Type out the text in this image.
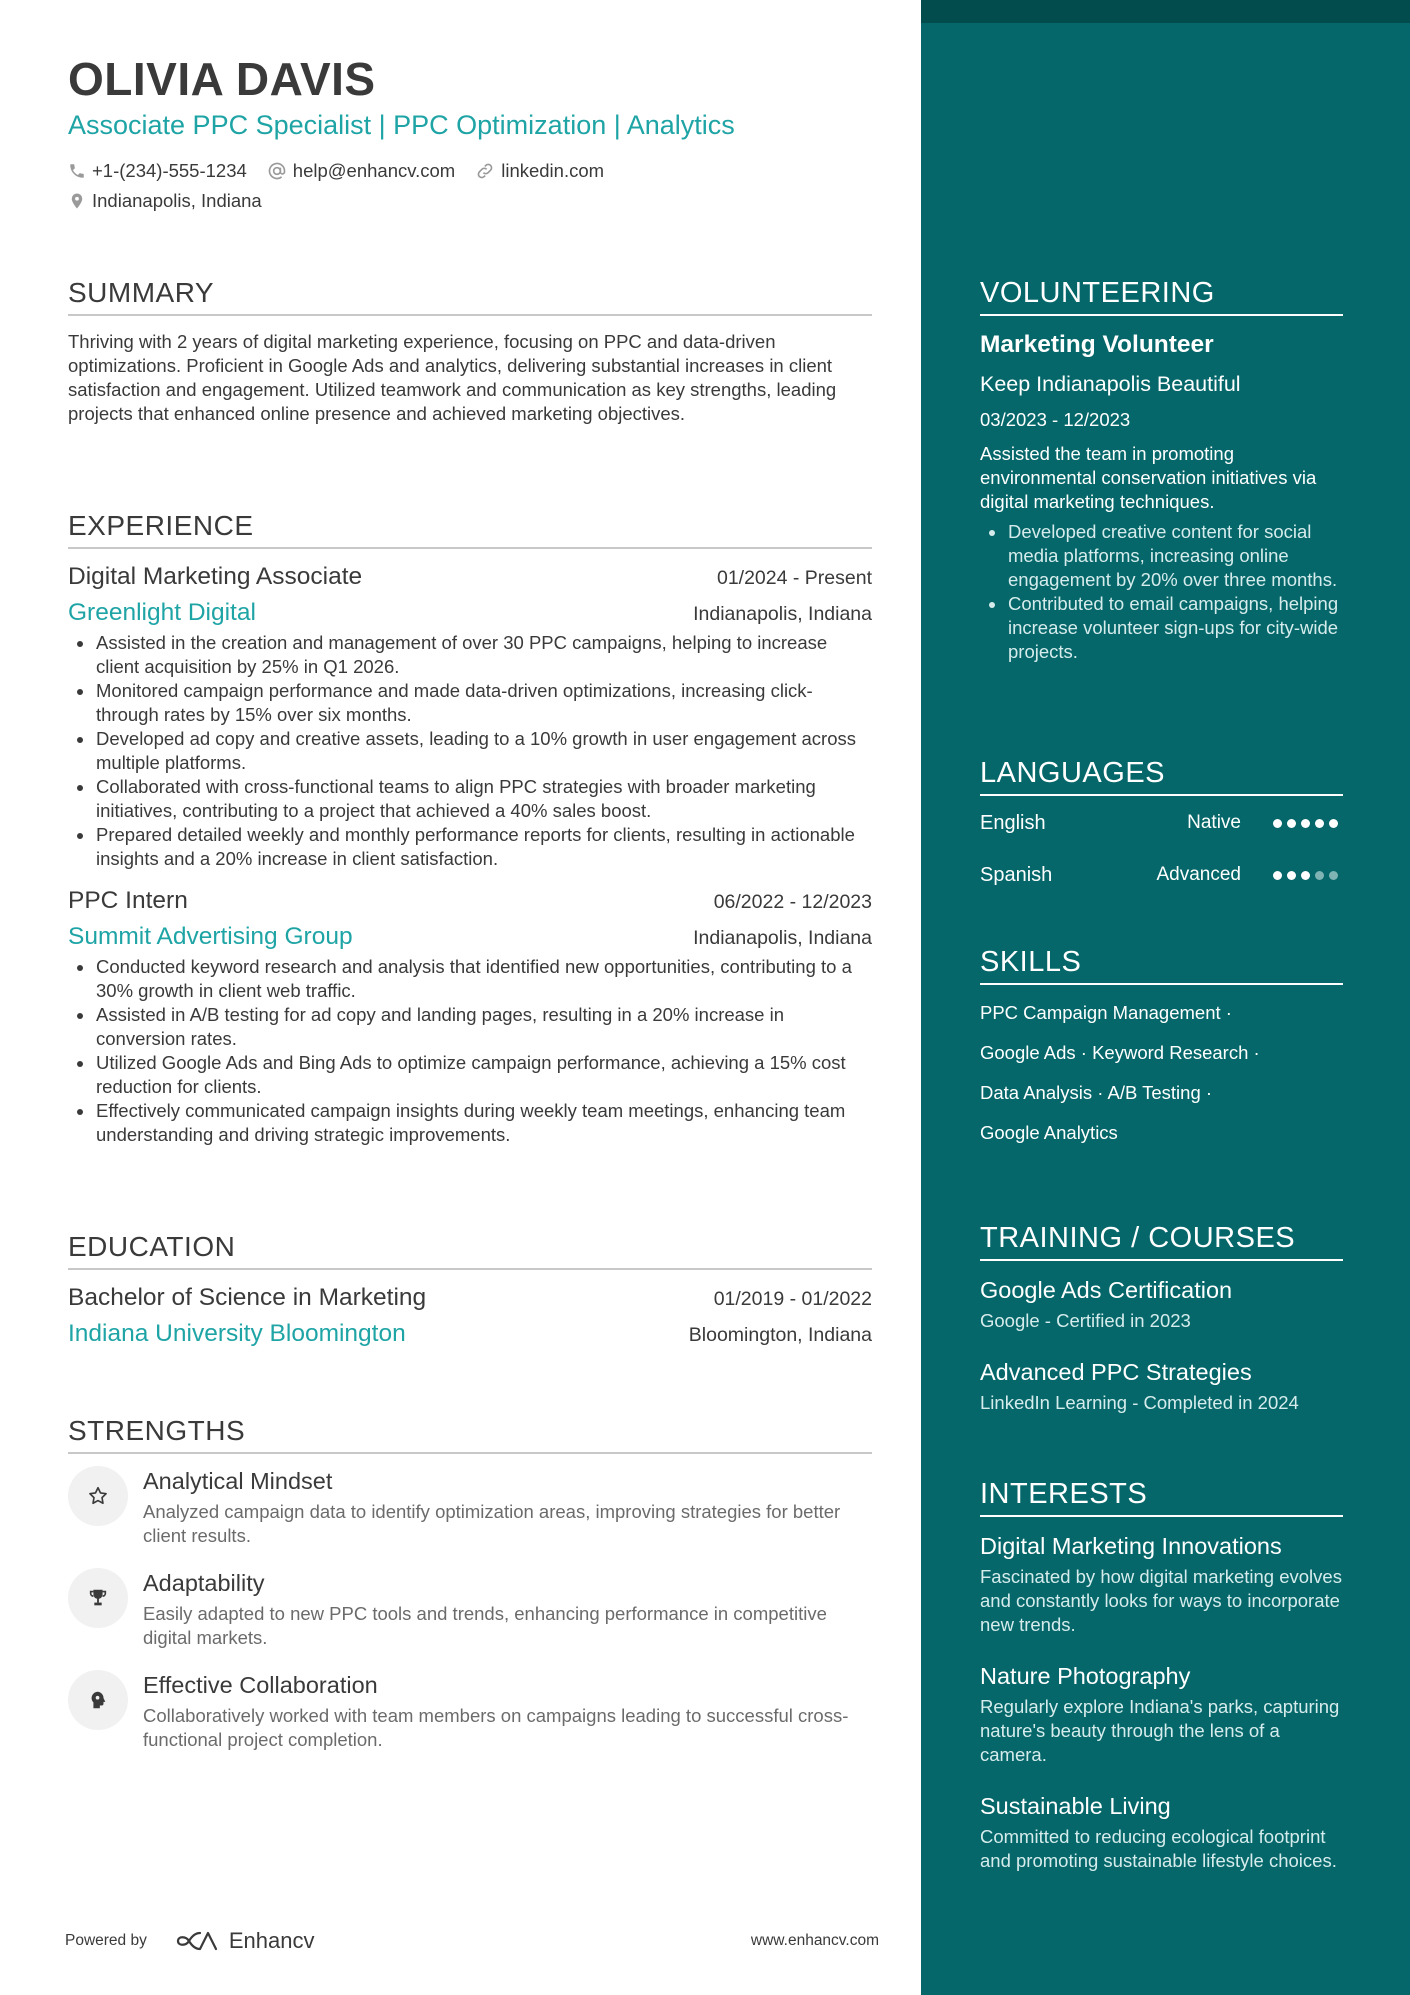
OLIVIA DAVIS
Associate PPC Specialist | PPC Optimization | Analytics
+1-(234)-555-1234 help@enhancv.com linkedin.com
Indianapolis, Indiana
SUMMARY
Thriving with 2 years of digital marketing experience, focusing on PPC and data-driven optimizations. Proficient in Google Ads and analytics, delivering substantial increases in client satisfaction and engagement. Utilized teamwork and communication as key strengths, leading projects that enhanced online presence and achieved marketing objectives.
EXPERIENCE
Digital Marketing Associate	01/2024 - Present
Greenlight Digital	Indianapolis, Indiana
Assisted in the creation and management of over 30 PPC campaigns, helping to increase client acquisition by 25% in Q1 2026.
Monitored campaign performance and made data-driven optimizations, increasing click-through rates by 15% over six months.
Developed ad copy and creative assets, leading to a 10% growth in user engagement across multiple platforms.
Collaborated with cross-functional teams to align PPC strategies with broader marketing initiatives, contributing to a project that achieved a 40% sales boost.
Prepared detailed weekly and monthly performance reports for clients, resulting in actionable insights and a 20% increase in client satisfaction.
PPC Intern	06/2022 - 12/2023
Summit Advertising Group	Indianapolis, Indiana
Conducted keyword research and analysis that identified new opportunities, contributing to a 30% growth in client web traffic.
Assisted in A/B testing for ad copy and landing pages, resulting in a 20% increase in conversion rates.
Utilized Google Ads and Bing Ads to optimize campaign performance, achieving a 15% cost reduction for clients.
Effectively communicated campaign insights during weekly team meetings, enhancing team understanding and driving strategic improvements.
EDUCATION
Bachelor of Science in Marketing	01/2019 - 01/2022
Indiana University Bloomington	Bloomington, Indiana
STRENGTHS
Analytical Mindset
Analyzed campaign data to identify optimization areas, improving strategies for better client results.
Adaptability
Easily adapted to new PPC tools and trends, enhancing performance in competitive digital markets.
Effective Collaboration
Collaboratively worked with team members on campaigns leading to successful cross-functional project completion.
Powered by	Enhancv	www.enhancv.com
VOLUNTEERING
Marketing Volunteer
Keep Indianapolis Beautiful
03/2023 - 12/2023
Assisted the team in promoting environmental conservation initiatives via digital marketing techniques.
Developed creative content for social media platforms, increasing online engagement by 20% over three months.
Contributed to email campaigns, helping increase volunteer sign-ups for city-wide projects.
LANGUAGES
English	Native
Spanish	Advanced
SKILLS
PPC Campaign Management ·
Google Ads · Keyword Research ·
Data Analysis · A/B Testing ·
Google Analytics
TRAINING / COURSES
Google Ads Certification
Google - Certified in 2023
Advanced PPC Strategies
LinkedIn Learning - Completed in 2024
INTERESTS
Digital Marketing Innovations
Fascinated by how digital marketing evolves and constantly looks for ways to incorporate new trends.
Nature Photography
Regularly explore Indiana's parks, capturing nature's beauty through the lens of a camera.
Sustainable Living
Committed to reducing ecological footprint and promoting sustainable lifestyle choices.
